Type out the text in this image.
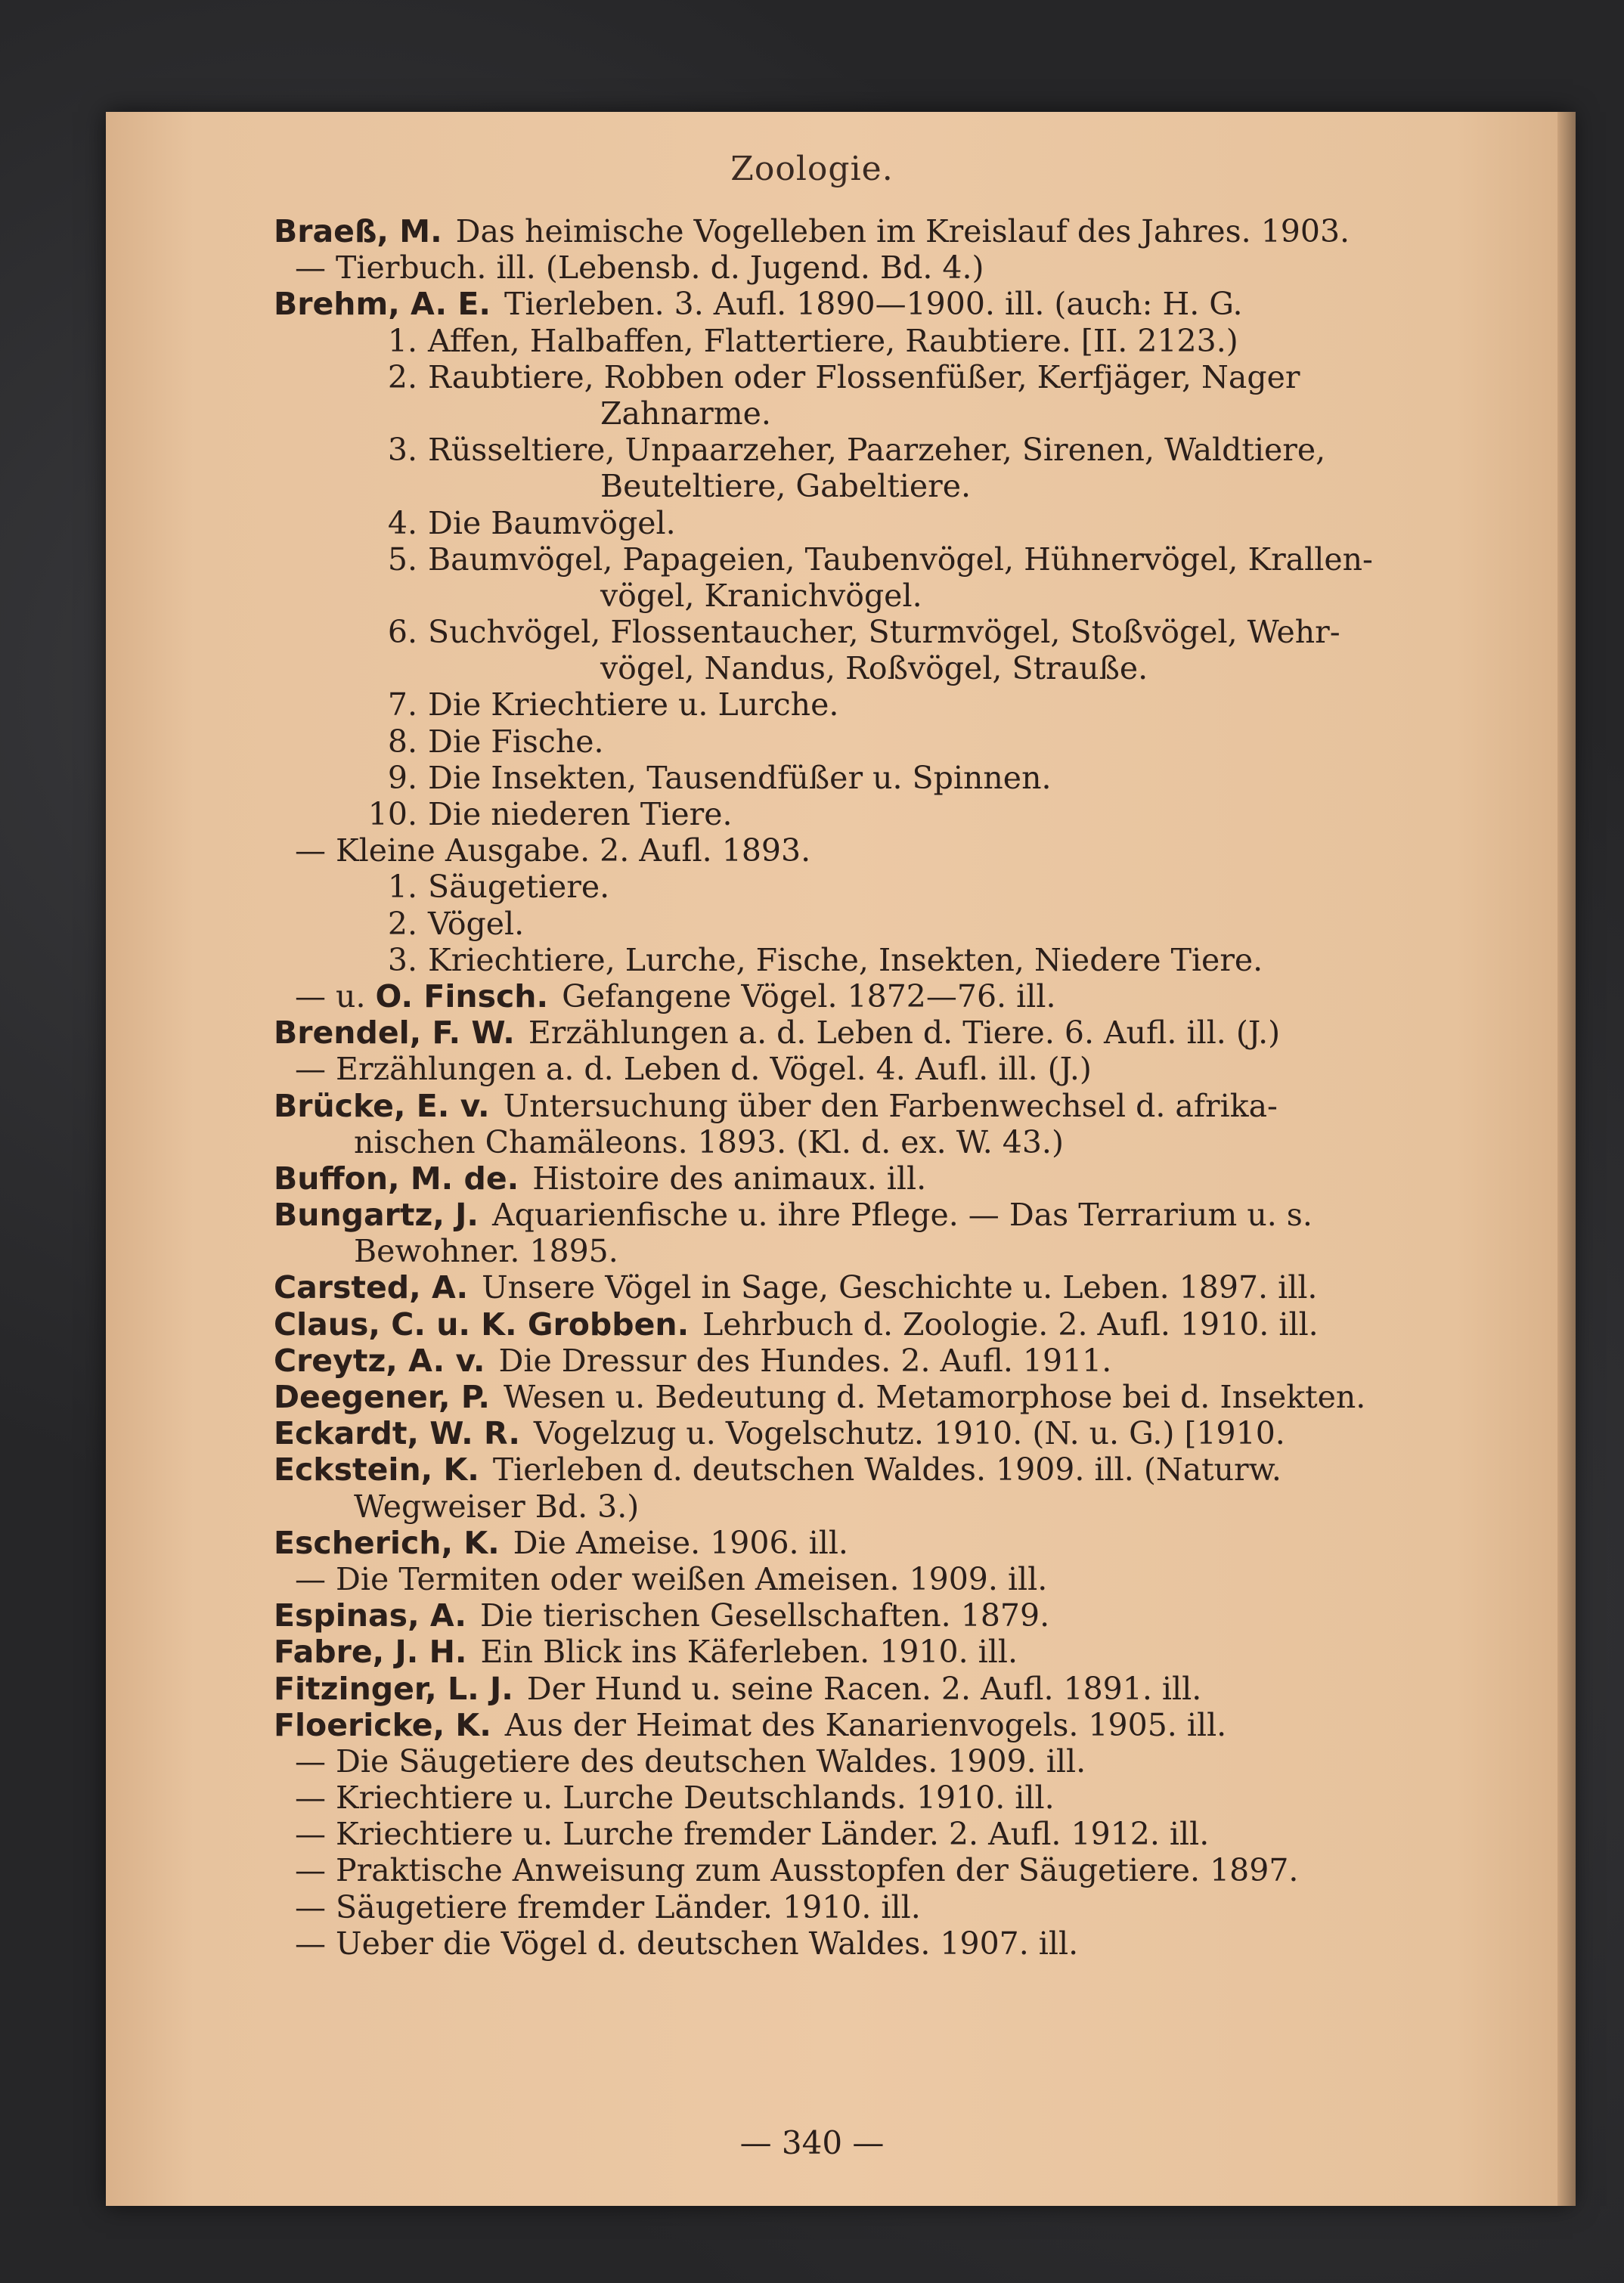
Zoologie.
Braeß, M. Das heimische Vogelleben im Kreislauf des Jahres. 1903.
— Tierbuch. ill. (Lebensb. d. Jugend. Bd. 4.)
Brehm, A. E. Tierleben. 3. Aufl. 1890—1900. ill. (auch: H. G.
1. Affen, Halbaffen, Flattertiere, Raubtiere. [II. 2123.)
2. Raubtiere, Robben oder Flossenfüßer, Kerfjäger, Nager
Zahnarme.
3. Rüsseltiere, Unpaarzeher, Paarzeher, Sirenen, Waldtiere,
Beuteltiere, Gabeltiere.
4. Die Baumvögel.
5. Baumvögel, Papageien, Taubenvögel, Hühnervögel, Krallen-
vögel, Kranichvögel.
6. Suchvögel, Flossentaucher, Sturmvögel, Stoßvögel, Wehr-
vögel, Nandus, Roßvögel, Strauße.
7. Die Kriechtiere u. Lurche.
8. Die Fische.
9. Die Insekten, Tausendfüßer u. Spinnen.
10. Die niederen Tiere.
— Kleine Ausgabe. 2. Aufl. 1893.
1. Säugetiere.
2. Vögel.
3. Kriechtiere, Lurche, Fische, Insekten, Niedere Tiere.
— u. O. Finsch. Gefangene Vögel. 1872—76. ill.
Brendel, F. W. Erzählungen a. d. Leben d. Tiere. 6. Aufl. ill. (J.)
— Erzählungen a. d. Leben d. Vögel. 4. Aufl. ill. (J.)
Brücke, E. v. Untersuchung über den Farbenwechsel d. afrika-
nischen Chamäleons. 1893. (Kl. d. ex. W. 43.)
Buffon, M. de. Histoire des animaux. ill.
Bungartz, J. Aquarienfische u. ihre Pflege. — Das Terrarium u. s.
Bewohner. 1895.
Carsted, A. Unsere Vögel in Sage, Geschichte u. Leben. 1897. ill.
Claus, C. u. K. Grobben. Lehrbuch d. Zoologie. 2. Aufl. 1910. ill.
Creytz, A. v. Die Dressur des Hundes. 2. Aufl. 1911.
Deegener, P. Wesen u. Bedeutung d. Metamorphose bei d. Insekten.
Eckardt, W. R. Vogelzug u. Vogelschutz. 1910. (N. u. G.) [1910.
Eckstein, K. Tierleben d. deutschen Waldes. 1909. ill. (Naturw.
Wegweiser Bd. 3.)
Escherich, K. Die Ameise. 1906. ill.
— Die Termiten oder weißen Ameisen. 1909. ill.
Espinas, A. Die tierischen Gesellschaften. 1879.
Fabre, J. H. Ein Blick ins Käferleben. 1910. ill.
Fitzinger, L. J. Der Hund u. seine Racen. 2. Aufl. 1891. ill.
Floericke, K. Aus der Heimat des Kanarienvogels. 1905. ill.
— Die Säugetiere des deutschen Waldes. 1909. ill.
— Kriechtiere u. Lurche Deutschlands. 1910. ill.
— Kriechtiere u. Lurche fremder Länder. 2. Aufl. 1912. ill.
— Praktische Anweisung zum Ausstopfen der Säugetiere. 1897.
— Säugetiere fremder Länder. 1910. ill.
— Ueber die Vögel d. deutschen Waldes. 1907. ill.
— 340 —
